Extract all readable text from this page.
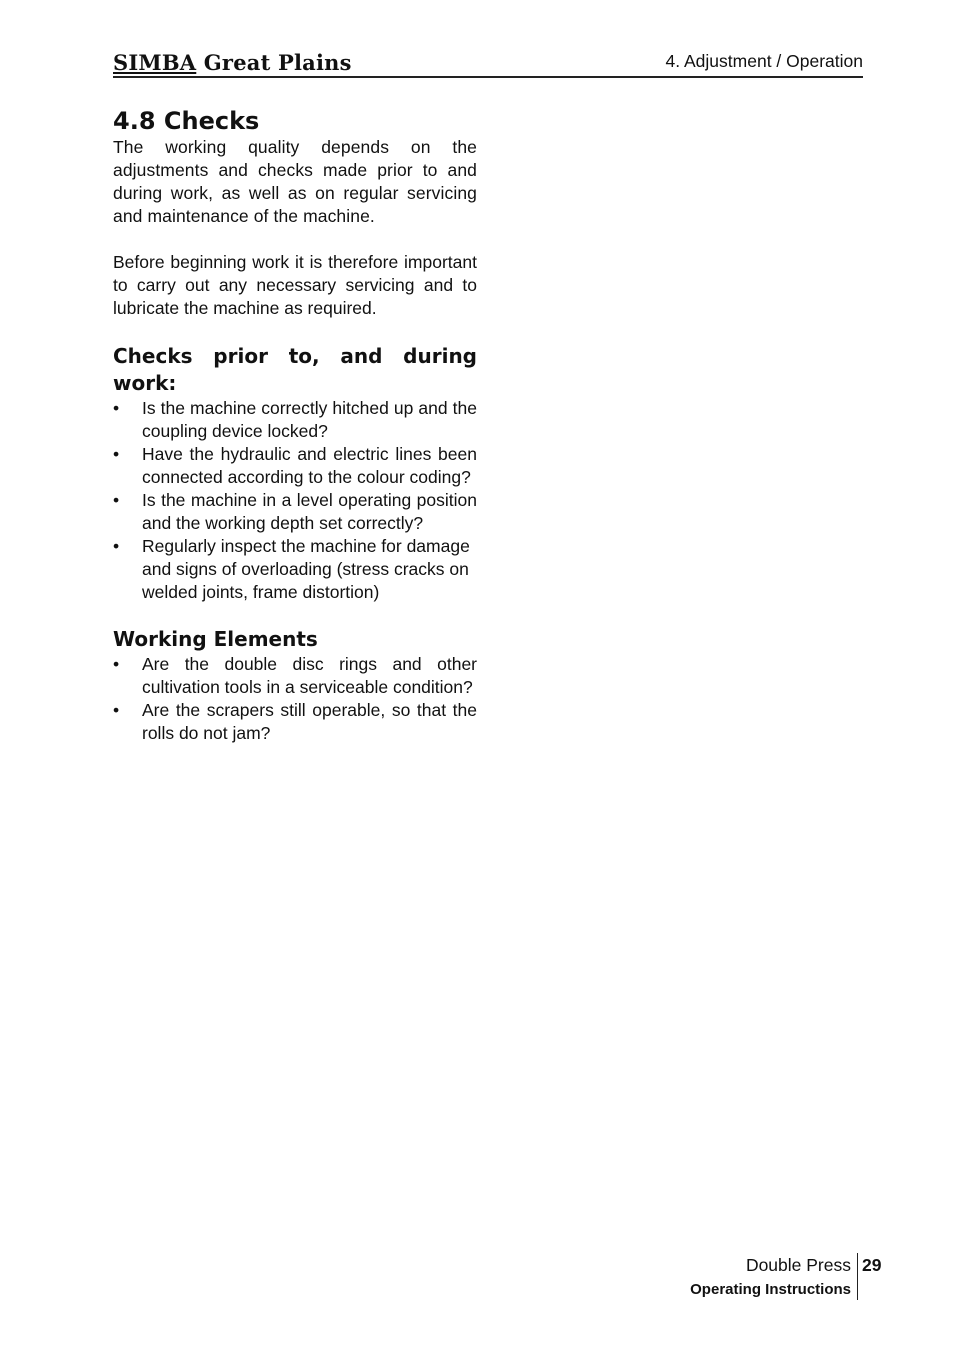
SIMBA Great Plains	4. Adjustment / Operation
4.8 Checks

The working quality depends on the adjustments and checks made prior to and during work, as well as on regular servicing and maintenance of the machine.

Before beginning work it is therefore important to carry out any necessary servicing and to lubricate the machine as required.

Checks prior to, and during work:
• Is the machine correctly hitched up and the coupling device locked?
• Have the hydraulic and electric lines been connected according to the colour coding?
• Is the machine in a level operating position and the working depth set correctly?
• Regularly inspect the machine for damage and signs of overloading (stress cracks on welded joints, frame distortion)
Working Elements
• Are the double disc rings and other cultivation tools in a serviceable condition?
• Are the scrapers still operable, so that the rolls do not jam?
Double Press
Operating Instructions
29
